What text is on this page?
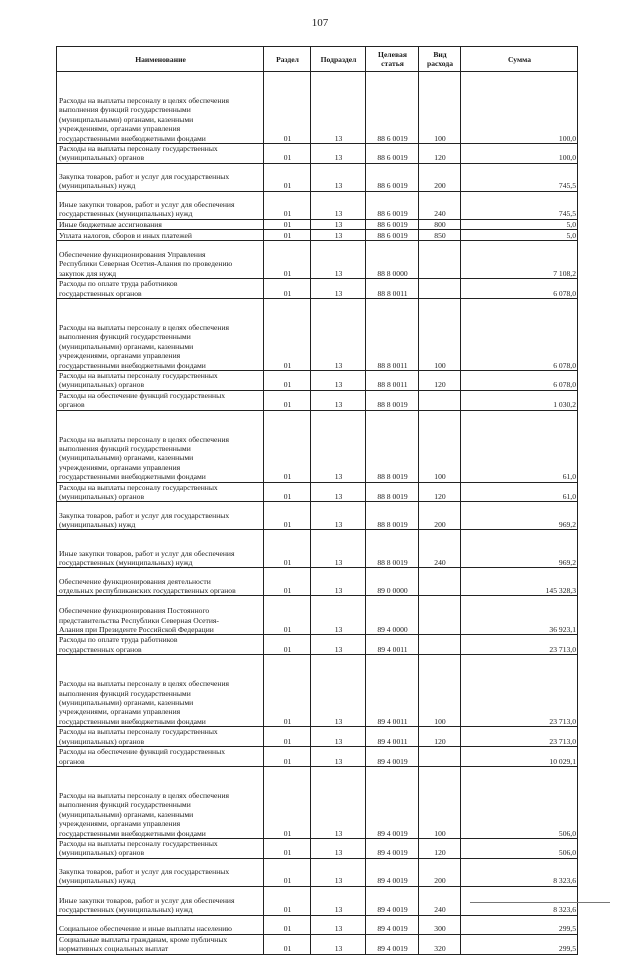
107
Наименование	Раздел	Подраздел	Целевая статья	Вид расхода	Сумма
Расходы на выплаты персоналу в целях обеспечения
выполнения функций государственными
(муниципальными) органами, казенными
учреждениями, органами управления
государственными внебюджетными фондами	01	13	88 6 0019	100	100,0
Расходы на выплаты персоналу государственных
(муниципальных) органов	01	13	88 6 0019	120	100,0
Закупка товаров, работ и услуг для государственных
(муниципальных) нужд	01	13	88 6 0019	200	745,5
Иные закупки товаров, работ и услуг для обеспечения
государственных (муниципальных) нужд	01	13	88 6 0019	240	745,5
Иные бюджетные ассигнования	01	13	88 6 0019	800	5,0
Уплата налогов, сборов и иных платежей	01	13	88 6 0019	850	5,0
Обеспечение функционирования Управления
Республики Северная Осетия-Алания по проведению
закупок для нужд	01	13	88 8 0000		7 108,2
Расходы по оплате труда работников
государственных органов	01	13	88 8 0011		6 078,0
Расходы на выплаты персоналу в целях обеспечения
выполнения функций государственными
(муниципальными) органами, казенными
учреждениями, органами управления
государственными внебюджетными фондами	01	13	88 8 0011	100	6 078,0
Расходы на выплаты персоналу государственных
(муниципальных) органов	01	13	88 8 0011	120	6 078,0
Расходы на обеспечение функций государственных
органов	01	13	88 8 0019		1 030,2
Расходы на выплаты персоналу в целях обеспечения
выполнения функций государственными
(муниципальными) органами, казенными
учреждениями, органами управления
государственными внебюджетными фондами	01	13	88 8 0019	100	61,0
Расходы на выплаты персоналу государственных
(муниципальных) органов	01	13	88 8 0019	120	61,0
Закупка товаров, работ и услуг для государственных
(муниципальных) нужд	01	13	88 8 0019	200	969,2
Иные закупки товаров, работ и услуг для обеспечения
государственных (муниципальных) нужд	01	13	88 8 0019	240	969,2
Обеспечение функционирования деятельности
отдельных республиканских государственных органов	01	13	89 0 0000		145 328,3
Обеспечение функционирования Постоянного
представительства Республики Северная Осетия-
Алания при Президенте Российской Федерации	01	13	89 4 0000		36 923,1
Расходы по оплате труда работников
государственных органов	01	13	89 4 0011		23 713,0
Расходы на выплаты персоналу в целях обеспечения
выполнения функций государственными
(муниципальными) органами, казенными
учреждениями, органами управления
государственными внебюджетными фондами	01	13	89 4 0011	100	23 713,0
Расходы на выплаты персоналу государственных
(муниципальных) органов	01	13	89 4 0011	120	23 713,0
Расходы на обеспечение функций государственных
органов	01	13	89 4 0019		10 029,1
Расходы на выплаты персоналу в целях обеспечения
выполнения функций государственными
(муниципальными) органами, казенными
учреждениями, органами управления
государственными внебюджетными фондами	01	13	89 4 0019	100	506,0
Расходы на выплаты персоналу государственных
(муниципальных) органов	01	13	89 4 0019	120	506,0
Закупка товаров, работ и услуг для государственных
(муниципальных) нужд	01	13	89 4 0019	200	8 323,6
Иные закупки товаров, работ и услуг для обеспечения
государственных (муниципальных) нужд	01	13	89 4 0019	240	8 323,6
Социальное обеспечение и иные выплаты населению	01	13	89 4 0019	300	299,5
Социальные выплаты гражданам, кроме публичных
нормативных социальных выплат	01	13	89 4 0019	320	299,5
